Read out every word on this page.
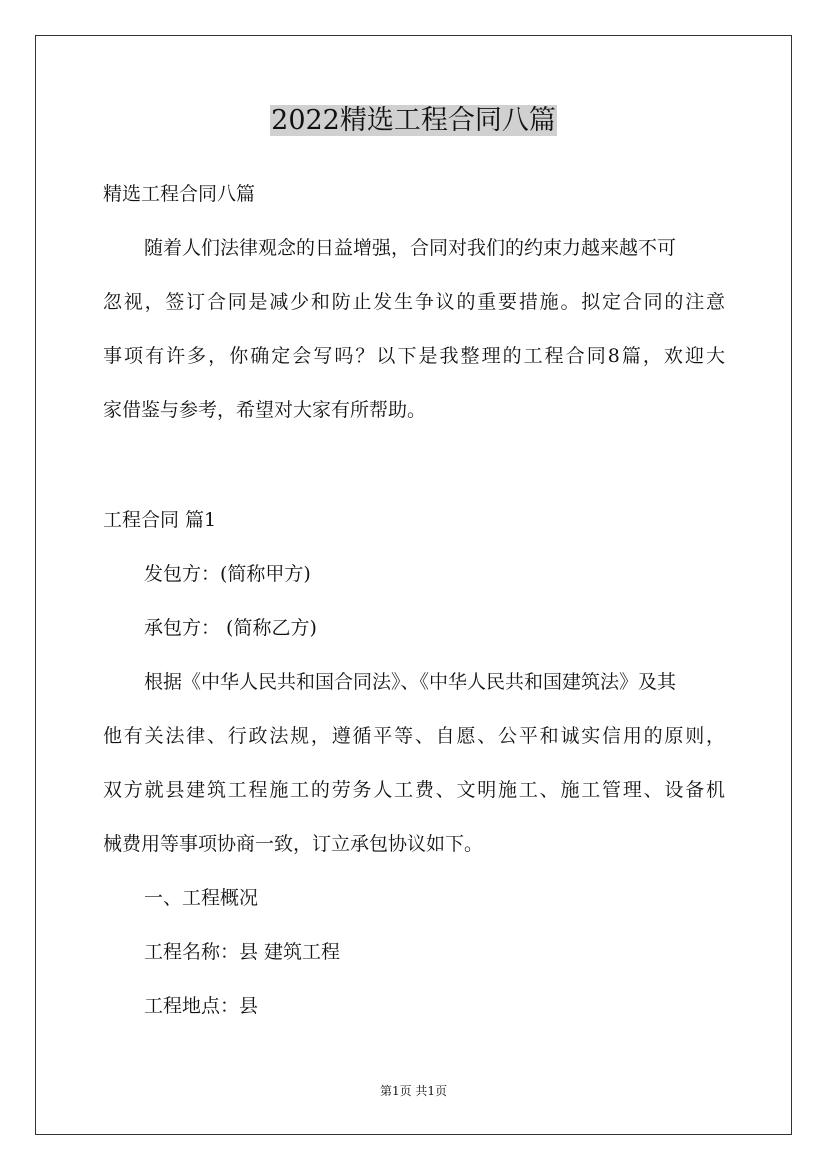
2022精选工程合同八篇

精选工程合同八篇

随着人们法律观念的日益增强，合同对我们的约束力越来越不可

忽视，签订合同是减少和防止发生争议的重要措施。拟定合同的注意

事项有许多，你确定会写吗？以下是我整理的工程合同8篇，欢迎大

家借鉴与参考，希望对大家有所帮助。

工程合同 篇1

发包方：(简称甲方)

承包方： (简称乙方)

根据《中华人民共和国合同法》、《中华人民共和国建筑法》及其

他有关法律、行政法规，遵循平等、自愿、公平和诚实信用的原则，

双方就县建筑工程施工的劳务人工费、文明施工、施工管理、设备机

械费用等事项协商一致，订立承包协议如下。

一、工程概况

工程名称：县 建筑工程

工程地点：县

第1页 共1页
